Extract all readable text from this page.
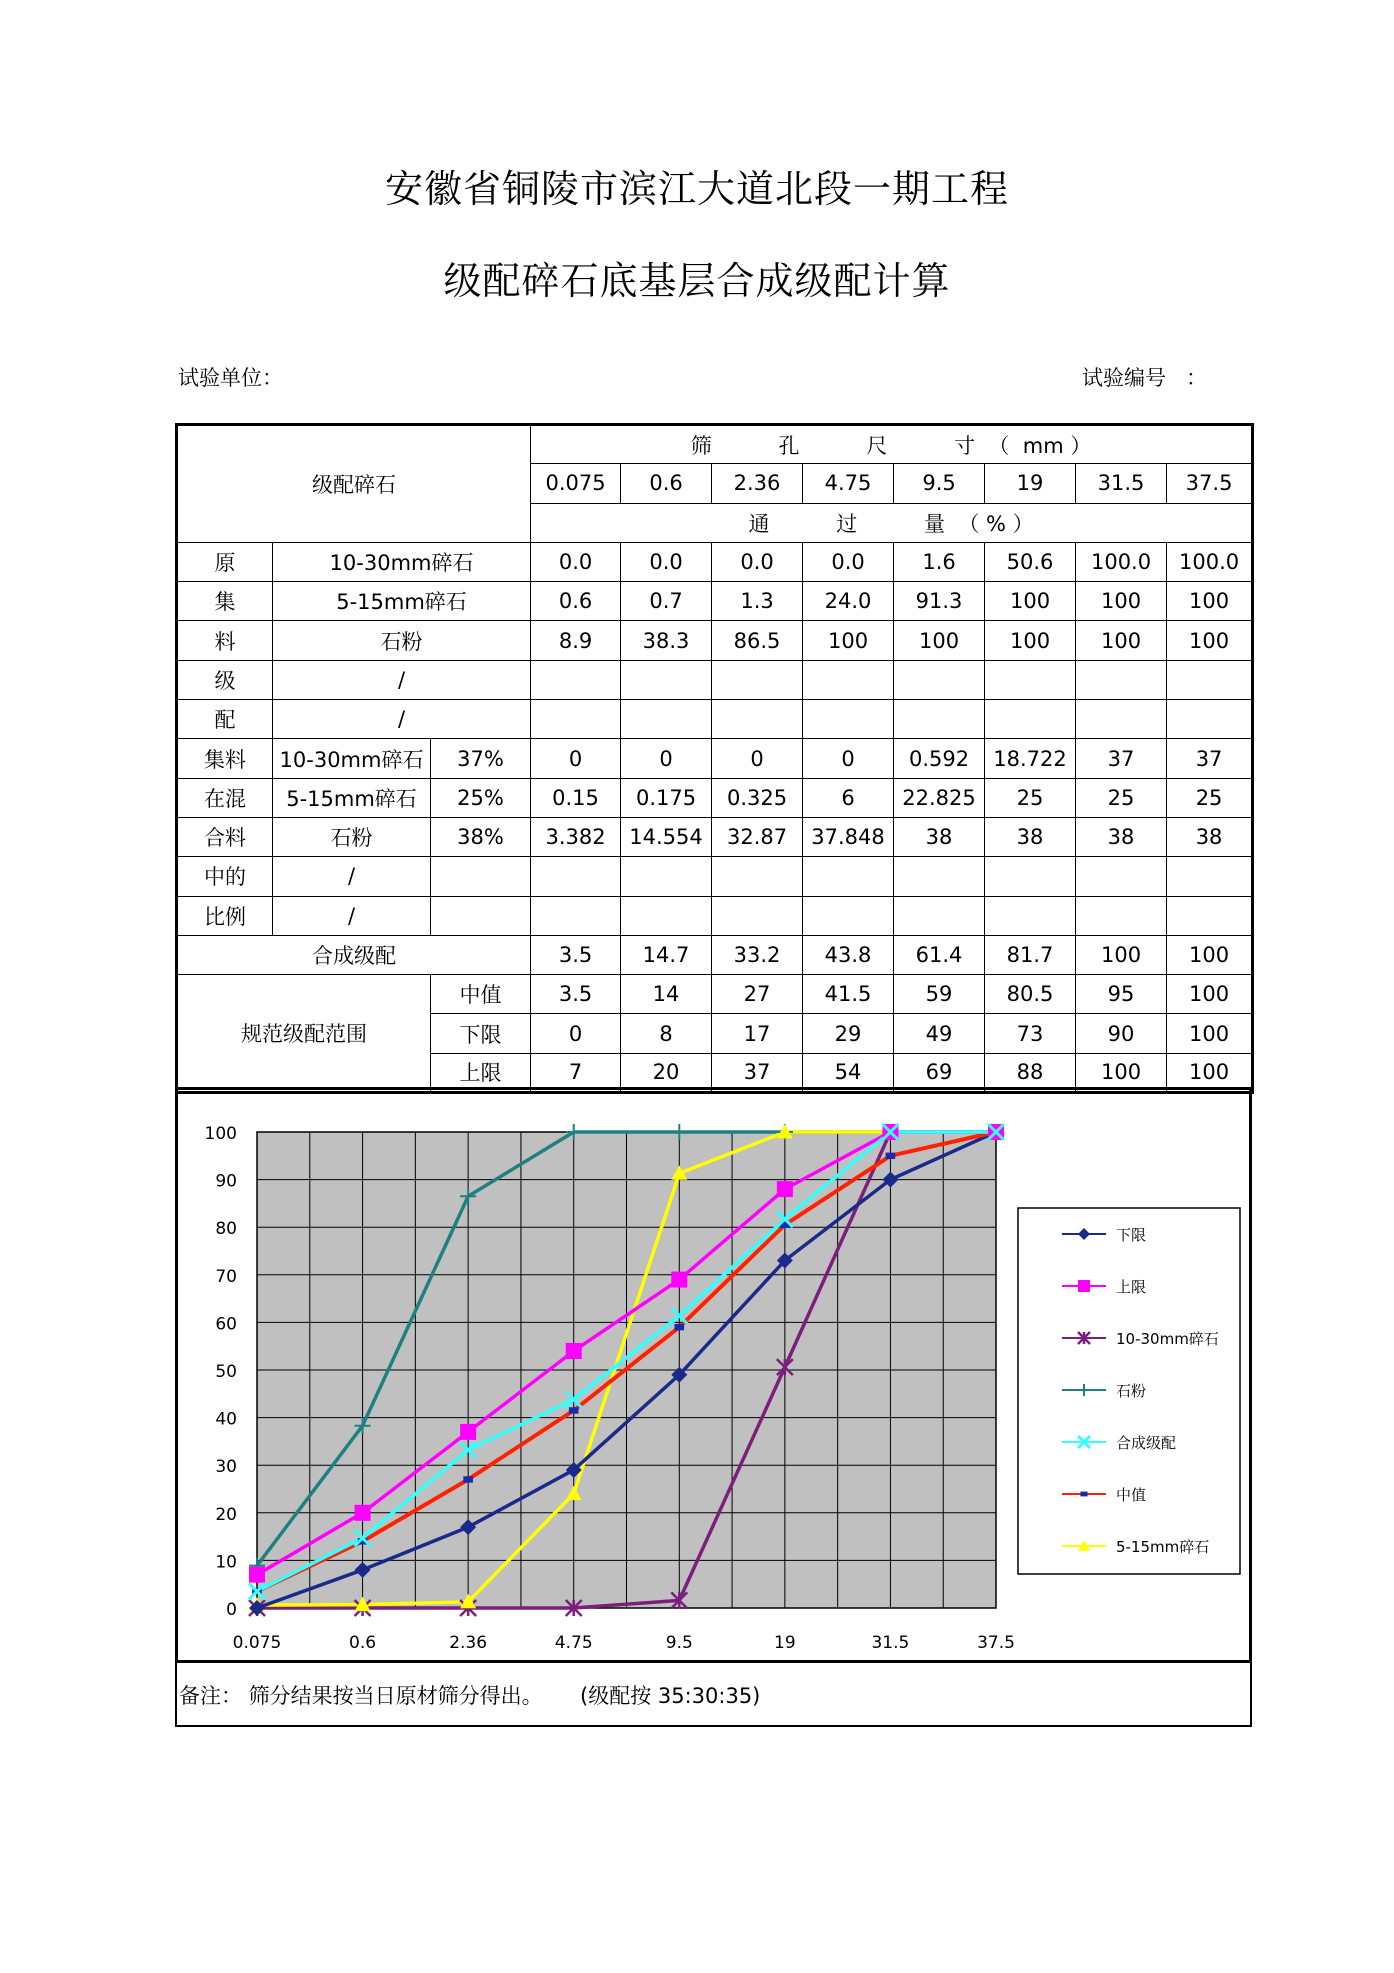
安徽省铜陵市滨江大道北段一期工程
级配碎石底基层合成级配计算
试验单位：	试验编号   ：
级配碎石			筛          孔          尺          寸  （  mm ）							
			0.075	0.6	2.36	4.75	9.5	19	31.5	37.5
			通          过          量  （ % ）							
原	10-30mm碎石		0.0	0.0	0.0	0.0	1.6	50.6	100.0	100.0
集	5-15mm碎石		0.6	0.7	1.3	24.0	91.3	100	100	100
料	石粉		8.9	38.3	86.5	100	100	100	100	100
级	/									
配	/									
集料	10-30mm碎石	37%	0	0	0	0	0.592	18.722	37	37
在混	5-15mm碎石	25%	0.15	0.175	0.325	6	22.825	25	25	25
合料	石粉	38%	3.382	14.554	32.87	37.848	38	38	38	38
中的	/									
比例	/									
合成级配			3.5	14.7	33.2	43.8	61.4	81.7	100	100
规范级配范围		中值	3.5	14	27	41.5	59	80.5	95	100
		下限	0	8	17	29	49	73	90	100
		上限	7	20	37	54	69	88	100	100
0
10
20
30
40
50
60
70
80
90
100
0.075	0.6	2.36	4.75	9.5	19	31.5	37.5
下限
上限
10-30mm碎石
石粉
合成级配
中值
5-15mm碎石
备注： 筛分结果按当日原材筛分得出。 (级配按 35:30:35)
